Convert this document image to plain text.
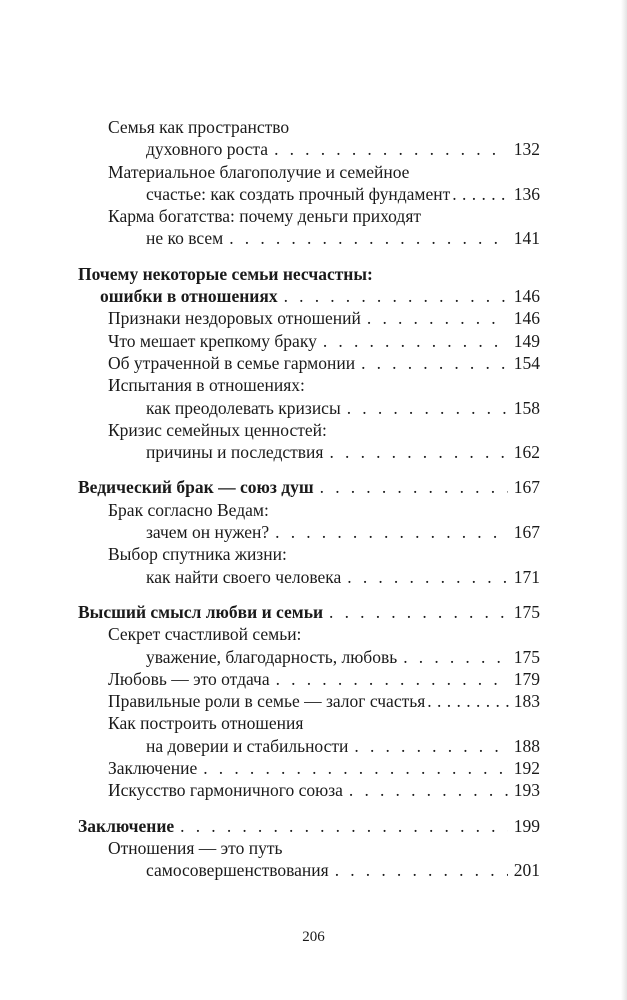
Семья как пространство
духовного роста . . .	132
Материальное благополучие и семейное
счастье: как создать прочный фундамент . . .	136
Карма богатства: почему деньги приходят
не ко всем . . .	141
Почему некоторые семьи несчастны:
ошибки в отношениях . . .	146
Признаки нездоровых отношений . . .	146
Что мешает крепкому браку . . .	149
Об утраченной в семье гармонии . . .	154
Испытания в отношениях:
как преодолевать кризисы . . .	158
Кризис семейных ценностей:
причины и последствия . . .	162
Ведический брак — союз душ . . .	167
Брак согласно Ведам:
зачем он нужен? . . .	167
Выбор спутника жизни:
как найти своего человека . . .	171
Высший смысл любви и семьи . . .	175
Секрет счастливой семьи:
уважение, благодарность, любовь . . .	175
Любовь — это отдача . . .	179
Правильные роли в семье — залог счастья . . .	183
Как построить отношения
на доверии и стабильности . . .	188
Заключение . . .	192
Искусство гармоничного союза . . .	193
Заключение . . .	199
Отношения — это путь
самосовершенствования . . .	201
206
